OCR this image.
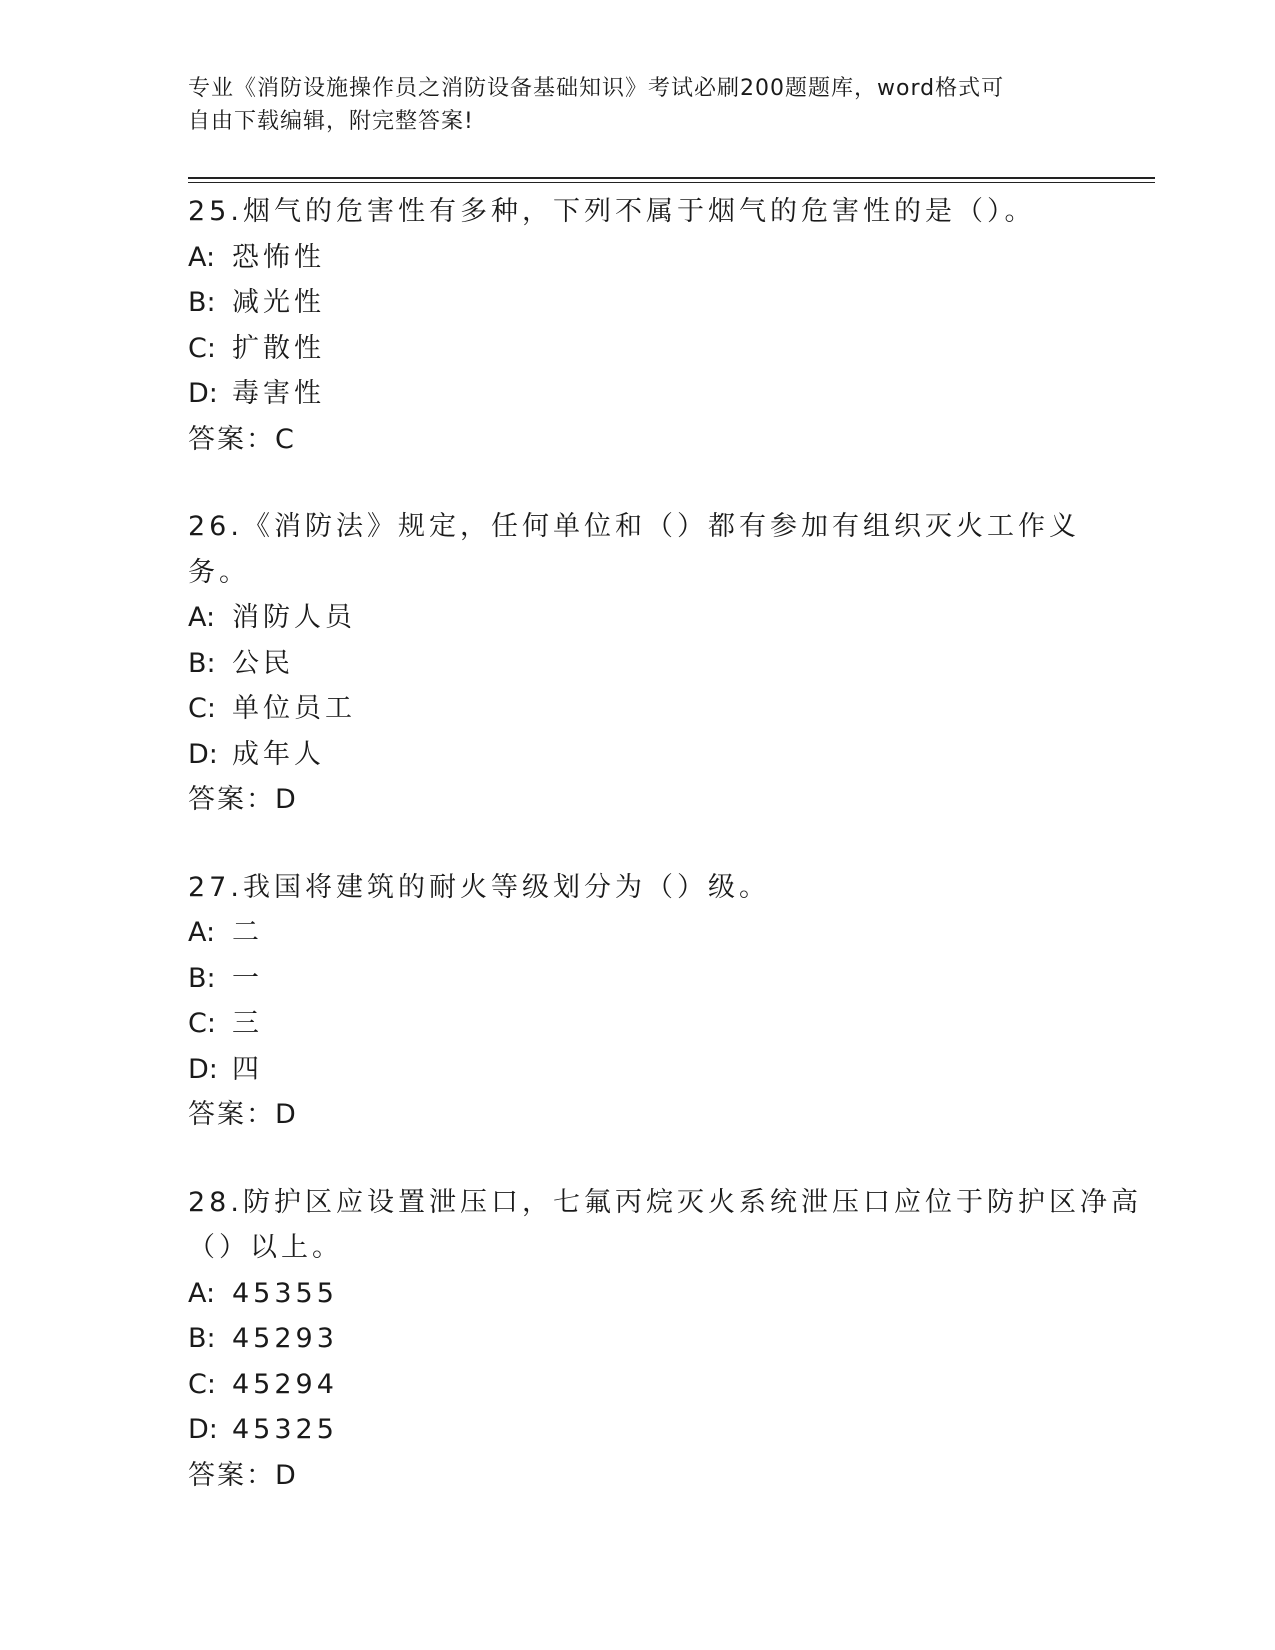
专业《消防设施操作员之消防设备基础知识》考试必刷200题题库，word格式可
自由下载编辑，附完整答案!
25.烟气的危害性有多种，下列不属于烟气的危害性的是（）。
A: 恐怖性
B: 减光性
C: 扩散性
D: 毒害性
答案：C
26.《消防法》规定，任何单位和（）都有参加有组织灭火工作义务。
A: 消防人员
B: 公民
C: 单位员工
D: 成年人
答案：D
27.我国将建筑的耐火等级划分为（）级。
A: 二
B: 一
C: 三
D: 四
答案：D
28.防护区应设置泄压口，七氟丙烷灭火系统泄压口应位于防护区净高
（）以上。
A: 45355
B: 45293
C: 45294
D: 45325
答案：D
